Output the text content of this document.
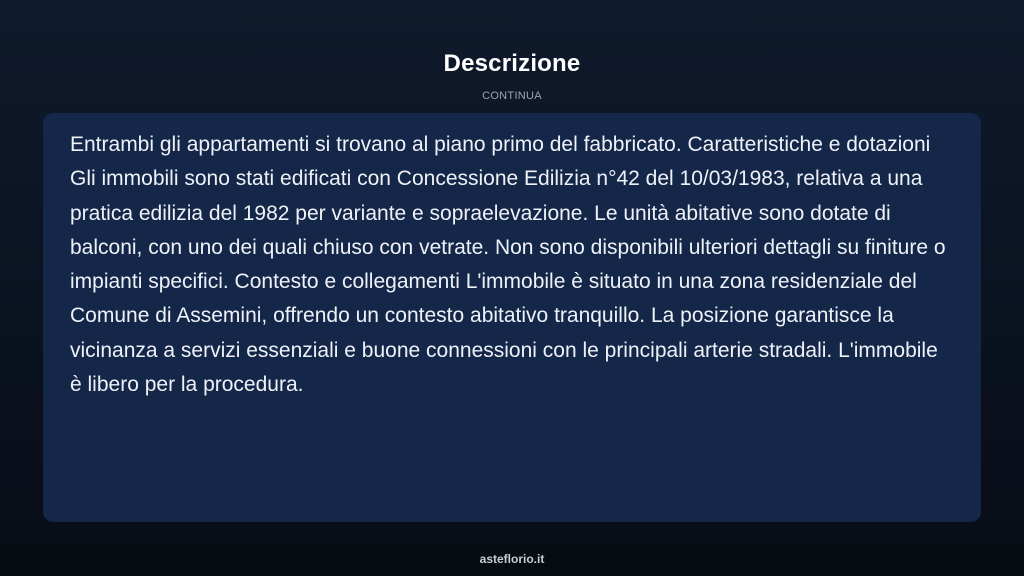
Descrizione
CONTINUA

Entrambi gli appartamenti si trovano al piano primo del fabbricato. Caratteristiche e dotazioni Gli immobili sono stati edificati con Concessione Edilizia n°42 del 10/03/1983, relativa a una pratica edilizia del 1982 per variante e sopraelevazione. Le unità abitative sono dotate di balconi, con uno dei quali chiuso con vetrate. Non sono disponibili ulteriori dettagli su finiture o impianti specifici. Contesto e collegamenti L'immobile è situato in una zona residenziale del Comune di Assemini, offrendo un contesto abitativo tranquillo. La posizione garantisce la vicinanza a servizi essenziali e buone connessioni con le principali arterie stradali. L'immobile è libero per la procedura.

asteflorio.it
